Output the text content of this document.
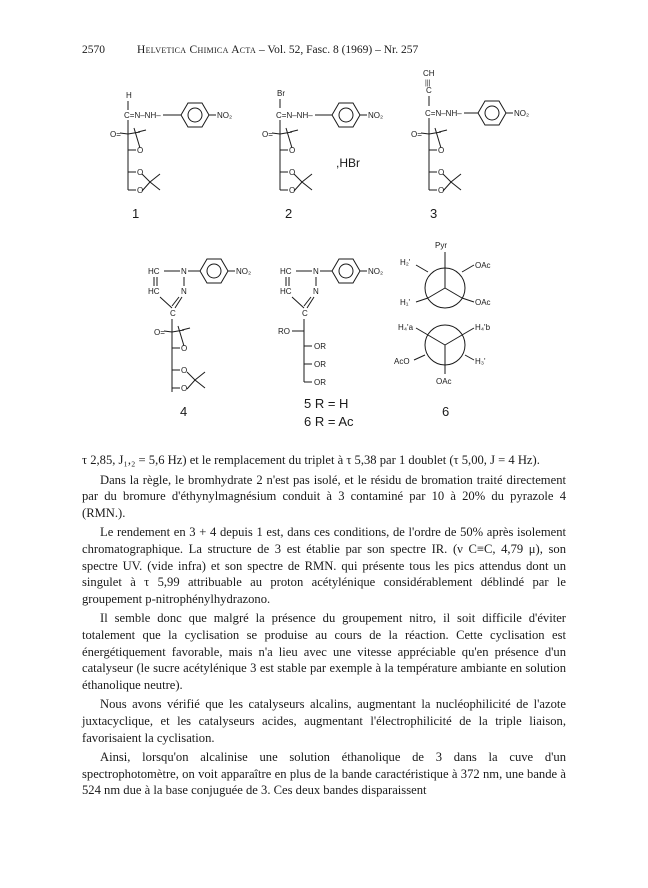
2570	Helvetica Chimica Acta – Vol. 52, Fasc. 8 (1969) – Nr. 257
H
C=N–NH–	NO₂
O=
O
O
O
Br
C=N–NH–	NO₂
O=
O
O
O
,HBr
CH
|||
C
C=N–NH–	NO₂
O=
O
O
O
HC	N	NO₂
HC	N
C
O=
O
O
O
HC	N	NO₂
HC	N
C
RO
OR
OR
OR
Pyr
H₂'	OAc
H₁'	OAc
H₄'a	H₄'b
AcO	H₃'
OAc
1	2	3
4
5 R = H
6 R = Ac
6

τ 2,85, J₁,₂ = 5,6 Hz) et le remplacement du triplet à τ 5,38 par 1 doublet (τ 5,00, J = 4 Hz).

Dans la règle, le bromhydrate 2 n'est pas isolé, et le résidu de bromation traité directement par du bromure d'éthynylmagnésium conduit à 3 contaminé par 10 à 20% du pyrazole 4 (RMN.).

Le rendement en 3 + 4 depuis 1 est, dans ces conditions, de l'ordre de 50% après isolement chromatographique. La structure de 3 est établie par son spectre IR. (ν C≡C, 4,79 μ), son spectre UV. (vide infra) et son spectre de RMN. qui présente tous les pics attendus dont un singulet à τ 5,99 attribuable au proton acétylénique considérablement déblindé par le groupement p-nitrophénylhydrazono.

Il semble donc que malgré la présence du groupement nitro, il soit difficile d'éviter totalement que la cyclisation se produise au cours de la réaction. Cette cyclisation est énergétiquement favorable, mais n'a lieu avec une vitesse appréciable qu'en présence d'un catalyseur (le sucre acétylénique 3 est stable par exemple à la température ambiante en solution éthanolique neutre).

Nous avons vérifié que les catalyseurs alcalins, augmentant la nucléophilicité de l'azote juxtacyclique, et les catalyseurs acides, augmentant l'électrophilicité de la triple liaison, favorisaient la cyclisation.

Ainsi, lorsqu'on alcalinise une solution éthanolique de 3 dans la cuve d'un spectrophotomètre, on voit apparaître en plus de la bande caractéristique à 372 nm, une bande à 524 nm due à la base conjuguée de 3. Ces deux bandes disparaissent
